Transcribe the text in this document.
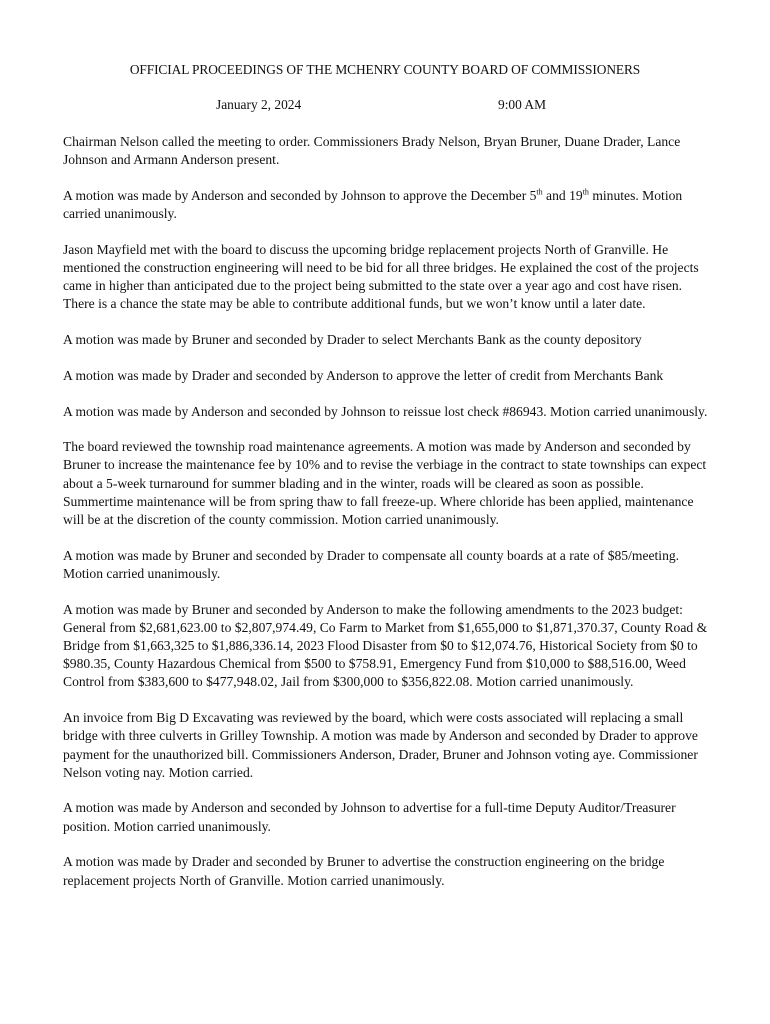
OFFICIAL PROCEEDINGS OF THE MCHENRY COUNTY BOARD OF COMMISSIONERS
January 2, 2024	9:00 AM

Chairman Nelson called the meeting to order. Commissioners Brady Nelson, Bryan Bruner, Duane Drader, Lance Johnson and Armann Anderson present.

A motion was made by Anderson and seconded by Johnson to approve the December 5th and 19th minutes. Motion carried unanimously.

Jason Mayfield met with the board to discuss the upcoming bridge replacement projects North of Granville. He mentioned the construction engineering will need to be bid for all three bridges. He explained the cost of the projects came in higher than anticipated due to the project being submitted to the state over a year ago and cost have risen. There is a chance the state may be able to contribute additional funds, but we won’t know until a later date.

A motion was made by Bruner and seconded by Drader to select Merchants Bank as the county depository

A motion was made by Drader and seconded by Anderson to approve the letter of credit from Merchants Bank

A motion was made by Anderson and seconded by Johnson to reissue lost check #86943. Motion carried unanimously.

The board reviewed the township road maintenance agreements. A motion was made by Anderson and seconded by Bruner to increase the maintenance fee by 10% and to revise the verbiage in the contract to state townships can expect about a 5-week turnaround for summer blading and in the winter, roads will be cleared as soon as possible. Summertime maintenance will be from spring thaw to fall freeze-up. Where chloride has been applied, maintenance will be at the discretion of the county commission. Motion carried unanimously.

A motion was made by Bruner and seconded by Drader to compensate all county boards at a rate of $85/meeting. Motion carried unanimously.

A motion was made by Bruner and seconded by Anderson to make the following amendments to the 2023 budget: General from $2,681,623.00 to $2,807,974.49, Co Farm to Market from $1,655,000 to $1,871,370.37, County Road & Bridge from $1,663,325 to $1,886,336.14, 2023 Flood Disaster from $0 to $12,074.76, Historical Society from $0 to $980.35, County Hazardous Chemical from $500 to $758.91, Emergency Fund from $10,000 to $88,516.00, Weed Control from $383,600 to $477,948.02, Jail from $300,000 to $356,822.08. Motion carried unanimously.

An invoice from Big D Excavating was reviewed by the board, which were costs associated will replacing a small bridge with three culverts in Grilley Township. A motion was made by Anderson and seconded by Drader to approve payment for the unauthorized bill. Commissioners Anderson, Drader, Bruner and Johnson voting aye. Commissioner Nelson voting nay. Motion carried.

A motion was made by Anderson and seconded by Johnson to advertise for a full-time Deputy Auditor/Treasurer position. Motion carried unanimously.

A motion was made by Drader and seconded by Bruner to advertise the construction engineering on the bridge replacement projects North of Granville. Motion carried unanimously.
